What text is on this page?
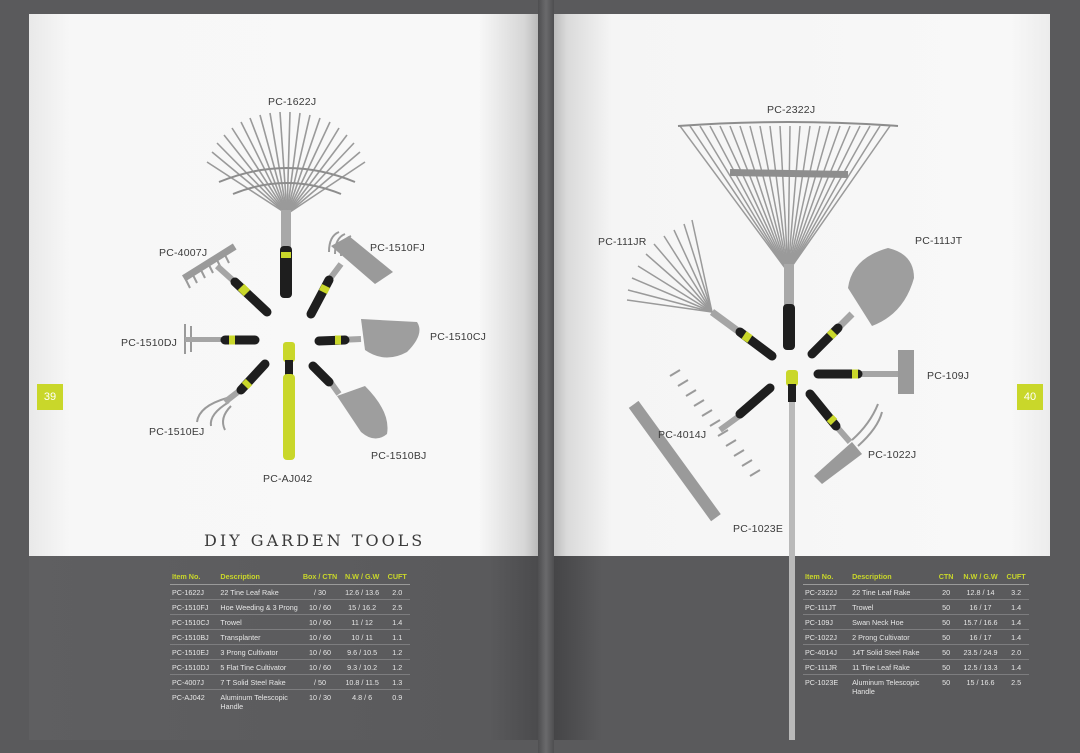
PC-1622J
PC-4007J	PC-1510FJ
PC-1510DJ	PC-1510CJ
PC-1510EJ
PC-1510BJ
PC-AJ042
DIY GARDEN TOOLS
Item No.	Description	Box / CTN	N.W / G.W	CUFT
PC-1622J	22 Tine Leaf Rake	/ 30	12.6 / 13.6	2.0
PC-1510FJ	Hoe Weeding & 3 Prong	10 / 60	15 / 16.2	2.5
PC-1510CJ	Trowel	10 / 60	11 / 12	1.4
PC-1510BJ	Transplanter	10 / 60	10 / 11	1.1
PC-1510EJ	3 Prong Cultivator	10 / 60	9.6 / 10.5	1.2
PC-1510DJ	5 Flat Tine Cultivator	10 / 60	9.3 / 10.2	1.2
PC-4007J	7 T Solid Steel Rake	/ 50	10.8 / 11.5	1.3
PC-AJ042	Aluminum Telescopic Handle	10 / 30	4.8 / 6	0.9
PC-2322J
PC-111JR	PC-111JT
PC-109J
PC-4014J
PC-1022J
PC-1023E
Item No.	Description	CTN	N.W / G.W	CUFT
PC-2322J	22 Tine Leaf Rake	20	12.8 / 14	3.2
PC-111JT	Trowel	50	16 / 17	1.4
PC-109J	Swan Neck Hoe	50	15.7 / 16.6	1.4
PC-1022J	2 Prong Cultivator	50	16 / 17	1.4
PC-4014J	14T Solid Steel Rake	50	23.5 / 24.9	2.0
PC-111JR	11 Tine Leaf Rake	50	12.5 / 13.3	1.4
PC-1023E	Aluminum Telescopic Handle	50	15 / 16.6	2.5
39	40
